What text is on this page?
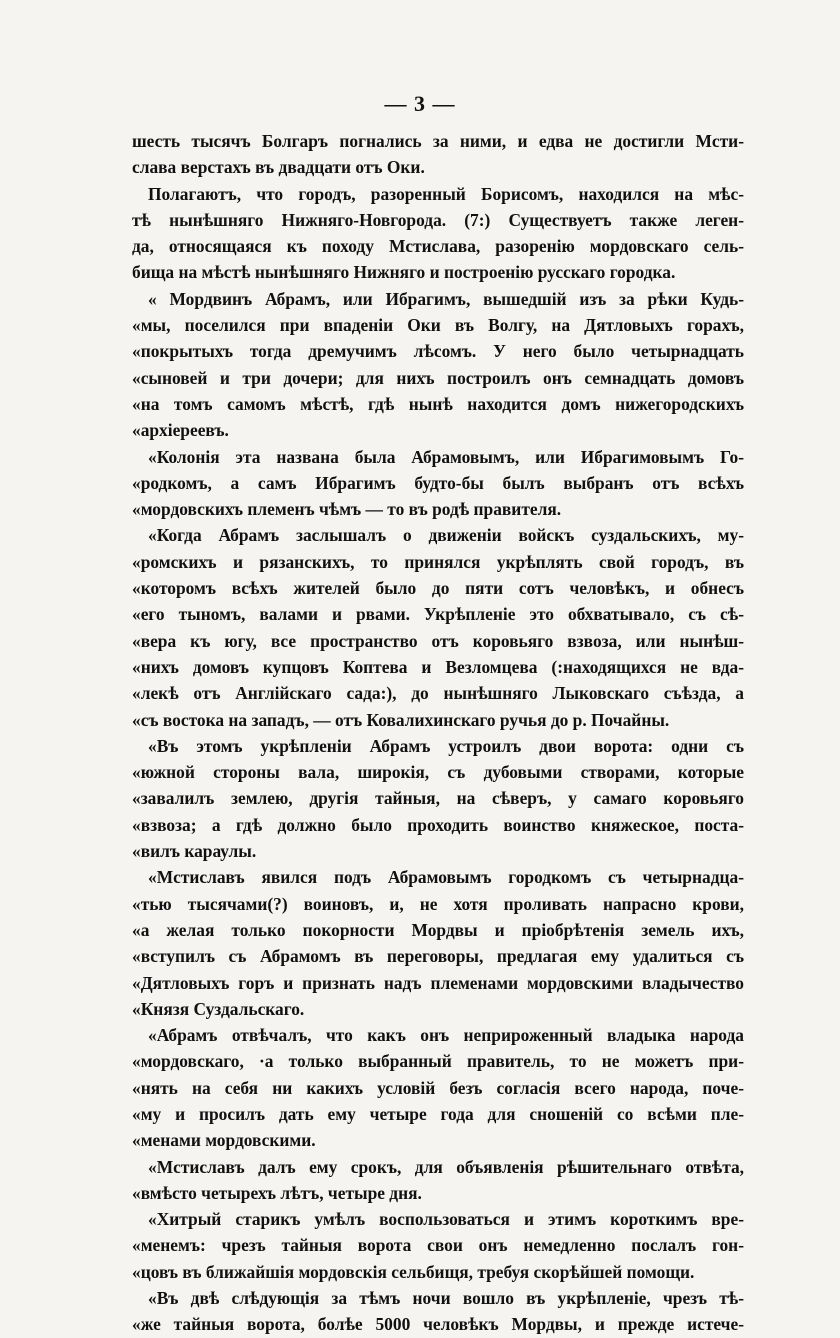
— 3 —
шесть тысячъ Болгаръ погнались за ними, и едва не достигли Мсти-
слава верстахъ въ двадцати отъ Оки.
Полагаютъ, что городъ, разоренный Борисомъ, находился на мѣс-
тѣ нынѣшняго Нижняго-Новгорода. (7:) Существуетъ также леген-
да, относящаяся къ походу Мстислава, разоренію мордовскаго сель-
бища на мѣстѣ нынѣшняго Нижняго и построенію русскаго городка.
« Мордвинъ Абрамъ, или Ибрагимъ, вышедшій изъ за рѣки Кудь-
«мы, поселился при впаденіи Оки въ Волгу, на Дятловыхъ горахъ,
«покрытыхъ тогда дремучимъ лѣсомъ. У него было четырнадцать
«сыновей и три дочери; для нихъ построилъ онъ семнадцать домовъ
«на томъ самомъ мѣстѣ, гдѣ нынѣ находится домъ нижегородскихъ
«архіереевъ.
«Колонія эта названа была Абрамовымъ, или Ибрагимовымъ Го-
«родкомъ, а самъ Ибрагимъ будто-бы былъ выбранъ отъ всѣхъ
«мордовскихъ племенъ чѣмъ — то въ родѣ правителя.
«Когда Абрамъ заслышалъ о движеніи войскъ суздальскихъ, му-
«ромскихъ и рязанскихъ, то принялся укрѣплять свой городъ, въ
«которомъ всѣхъ жителей было до пяти сотъ человѣкъ, и обнесъ
«его тыномъ, валами и рвами. Укрѣпленіе это обхватывало, съ сѣ-
«вера къ югу, все пространство отъ коровьяго взвоза, или нынѣш-
«нихъ домовъ купцовъ Коптева и Везломцева (:находящихся не вда-
«лекѣ отъ Англійскаго сада:), до нынѣшняго Лыковскаго съѣзда, а
«съ востока на западъ, — отъ Ковалихинскаго ручья до р. Почайны.
«Въ этомъ укрѣпленіи Абрамъ устроилъ двои ворота: одни съ
«южной стороны вала, широкія, съ дубовыми створами, которые
«завалилъ землею, другія тайныя, на сѣверъ, у самаго коровьяго
«взвоза; а гдѣ должно было проходить воинство княжеское, поста-
«вилъ караулы.
«Мстиславъ явился подъ Абрамовымъ городкомъ съ четырнадца-
«тью тысячами(?) воиновъ, и, не хотя проливать напрасно крови,
«а желая только покорности Мордвы и пріобрѣтенія земель ихъ,
«вступилъ съ Абрамомъ въ переговоры, предлагая ему удалиться съ
«Дятловыхъ горъ и признать надъ племенами мордовскими владычество
«Князя Суздальскаго.
«Абрамъ отвѣчалъ, что какъ онъ неприроженный владыка народа
«мордовскаго, ·а только выбранный правитель, то не можетъ при-
«нять на себя ни какихъ условій безъ согласія всего народа, поче-
«му и просилъ дать ему четыре года для сношеній со всѣми пле-
«менами мордовскими.
«Мстиславъ далъ ему срокъ, для объявленія рѣшительнаго отвѣта,
«вмѣсто четырехъ лѣтъ, четыре дня.
«Хитрый старикъ умѣлъ воспользоваться и этимъ короткимъ вре-
«менемъ: чрезъ тайныя ворота свои онъ немедленно послалъ гон-
«цовъ въ ближайшія мордовскія сельбищя, требуя скорѣйшей помощи.
«Въ двѣ слѣдующія за тѣмъ ночи вошло въ укрѣпленіе, чрезъ тѣ-
«же тайныя ворота, болѣе 5000 человѣкъ Мордвы, и прежде истече-
